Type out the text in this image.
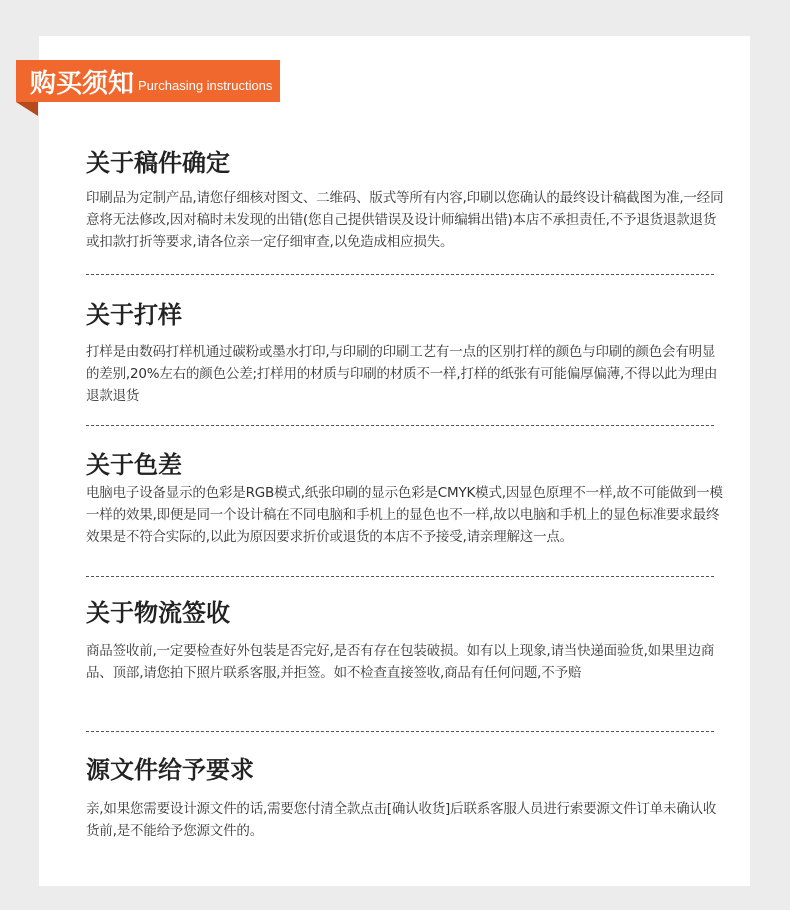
购买须知 Purchasing instructions
关于稿件确定

印刷品为定制产品,请您仔细核对图文、二维码、版式等所有内容,印刷以您确认的最终设计稿截图为准,一经同意将无法修改,因对稿时未发现的出错(您自己提供错误及设计师编辑出错)本店不承担责任,不予退货退款退货或扣款打折等要求,请各位亲一定仔细审查,以免造成相应损失。

关于打样

打样是由数码打样机通过碳粉或墨水打印,与印刷的印刷工艺有一点的区别打样的颜色与印刷的颜色会有明显的差别,20%左右的颜色公差;打样用的材质与印刷的材质不一样,打样的纸张有可能偏厚偏薄,不得以此为理由退款退货

关于色差

电脑电子设备显示的色彩是RGB模式,纸张印刷的显示色彩是CMYK模式,因显色原理不一样,故不可能做到一模一样的效果,即便是同一个设计稿在不同电脑和手机上的显色也不一样,故以电脑和手机上的显色标准要求最终效果是不符合实际的,以此为原因要求折价或退货的本店不予接受,请亲理解这一点。

关于物流签收

商品签收前,一定要检查好外包装是否完好,是否有存在包装破损。如有以上现象,请当快递面验货,如果里边商品、顶部,请您拍下照片联系客服,并拒签。如不检查直接签收,商品有任何问题,不予赔

源文件给予要求

亲,如果您需要设计源文件的话,需要您付清全款点击[确认收货]后联系客服人员进行索要源文件订单未确认收货前,是不能给予您源文件的。
